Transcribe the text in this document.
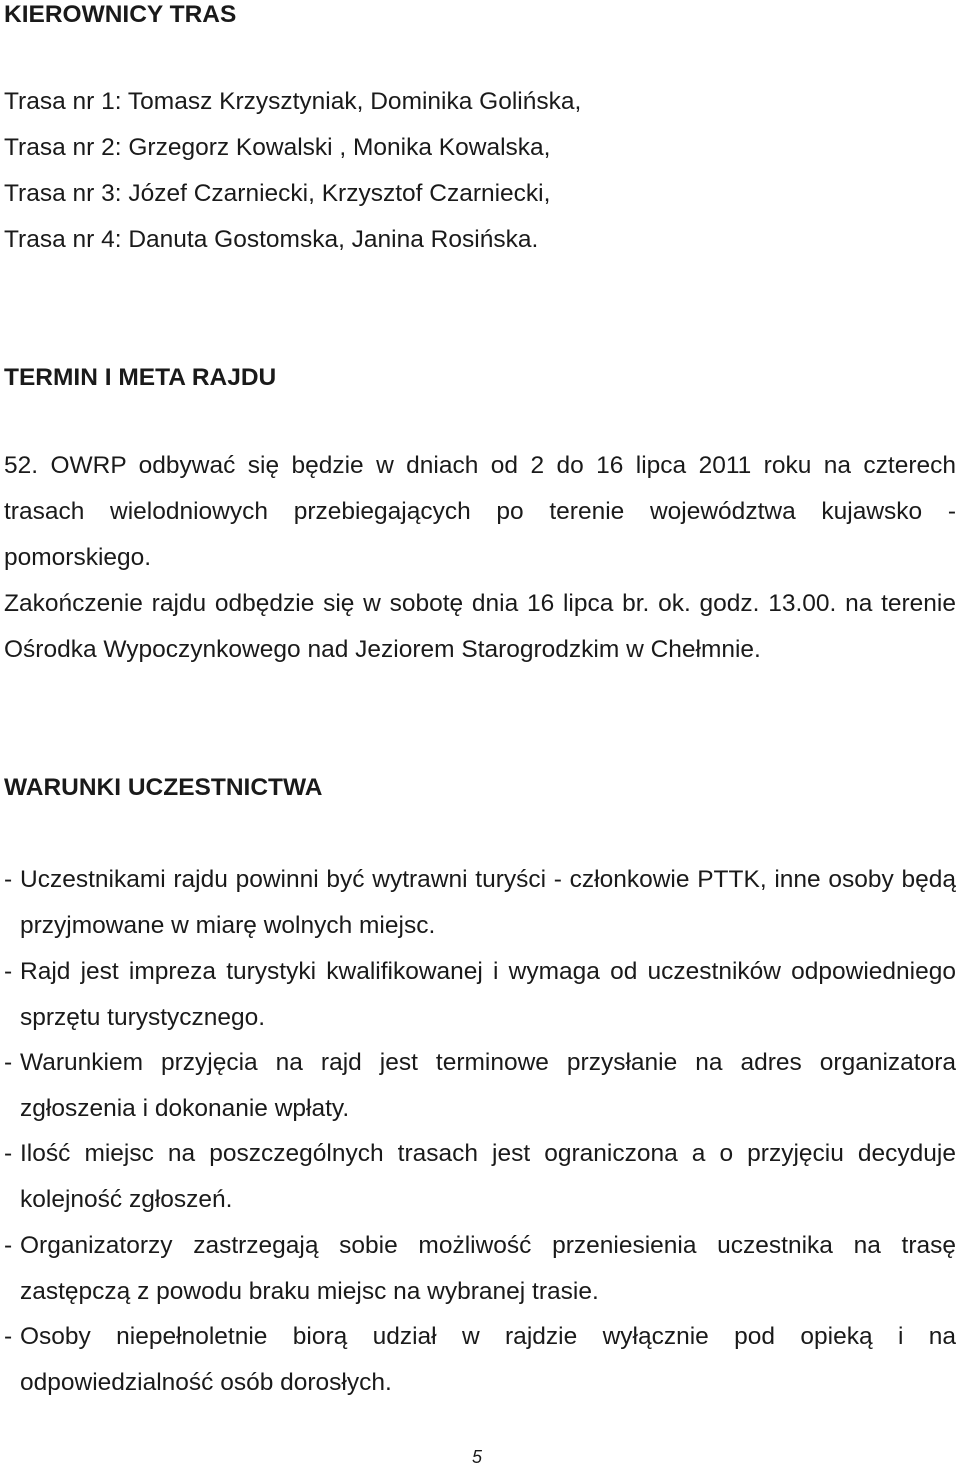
KIEROWNICY TRAS

Trasa nr 1: Tomasz Krzysztyniak, Dominika Golińska,

Trasa nr 2: Grzegorz Kowalski , Monika Kowalska,

Trasa nr 3: Józef Czarniecki, Krzysztof Czarniecki,

Trasa nr 4: Danuta Gostomska, Janina Rosińska.

TERMIN I META RAJDU

52. OWRP odbywać się będzie w dniach od 2 do 16 lipca 2011 roku na czterech trasach wielodniowych przebiegających po terenie województwa kujawsko - pomorskiego.

Zakończenie rajdu odbędzie się w sobotę dnia 16 lipca br. ok. godz. 13.00. na terenie Ośrodka Wypoczynkowego nad Jeziorem Starogrodzkim w Chełmnie.

WARUNKI UCZESTNICTWA
- Uczestnikami rajdu powinni być wytrawni turyści - członkowie PTTK, inne osoby będą przyjmowane w miarę wolnych miejsc.
- Rajd jest impreza turystyki kwalifikowanej i wymaga od uczestników odpowiedniego sprzętu turystycznego.
- Warunkiem przyjęcia na rajd jest terminowe przysłanie na adres organizatora zgłoszenia i dokonanie wpłaty.
- Ilość miejsc na poszczególnych trasach jest ograniczona a o przyjęciu decyduje kolejność zgłoszeń.
- Organizatorzy zastrzegają sobie możliwość przeniesienia uczestnika na trasę zastępczą z powodu braku miejsc na wybranej trasie.
- Osoby niepełnoletnie biorą udział w rajdzie wyłącznie pod opieką i na odpowiedzialność osób dorosłych.

5
